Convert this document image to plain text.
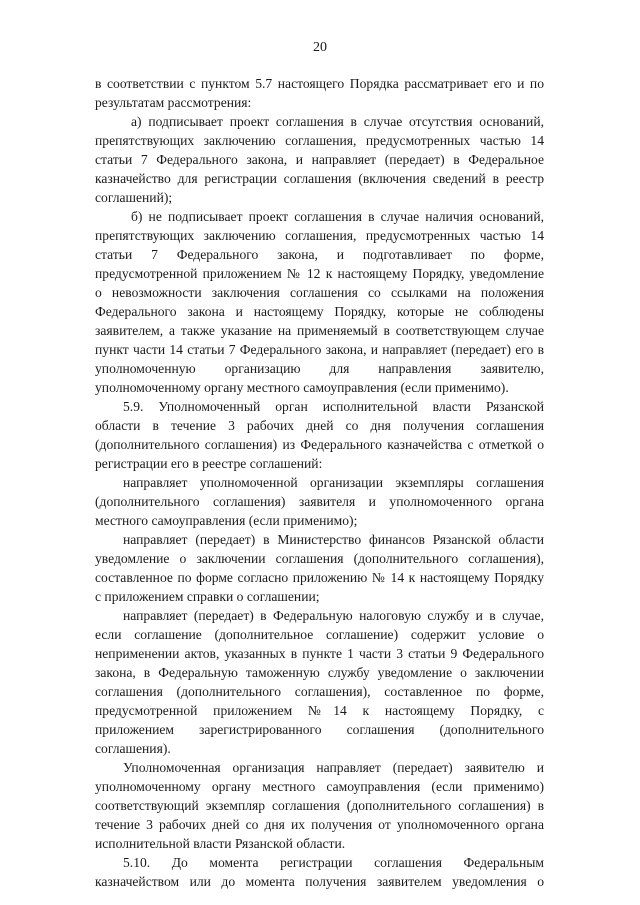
20
в соответствии с пунктом 5.7 настоящего Порядка рассматривает его и по
результатам рассмотрения:
а) подписывает проект соглашения в случае отсутствия оснований,
препятствующих заключению соглашения, предусмотренных частью 14
статьи 7 Федерального закона, и направляет (передает) в Федеральное
казначейство для регистрации соглашения (включения сведений в реестр
соглашений);
б) не подписывает проект соглашения в случае наличия оснований,
препятствующих заключению соглашения, предусмотренных частью 14
статьи 7 Федерального закона, и подготавливает по форме,
предусмотренной приложением № 12 к настоящему Порядку, уведомление
о невозможности заключения соглашения со ссылками на положения
Федерального закона и настоящему Порядку, которые не соблюдены
заявителем, а также указание на применяемый в соответствующем случае
пункт части 14 статьи 7 Федерального закона, и направляет (передает) его в
уполномоченную организацию для направления заявителю,
уполномоченному органу местного самоуправления (если применимо).
5.9. Уполномоченный орган исполнительной власти Рязанской
области в течение 3 рабочих дней со дня получения соглашения
(дополнительного соглашения) из Федерального казначейства с отметкой о
регистрации его в реестре соглашений:
направляет уполномоченной организации экземпляры соглашения
(дополнительного соглашения) заявителя и уполномоченного органа
местного самоуправления (если применимо);
направляет (передает) в Министерство финансов Рязанской области
уведомление о заключении соглашения (дополнительного соглашения),
составленное по форме согласно приложению № 14 к настоящему Порядку
с приложением справки о соглашении;
направляет (передает) в Федеральную налоговую службу и в случае,
если соглашение (дополнительное соглашение) содержит условие о
неприменении актов, указанных в пункте 1 части 3 статьи 9 Федерального
закона, в Федеральную таможенную службу уведомление о заключении
соглашения (дополнительного соглашения), составленное по форме,
предусмотренной приложением №14 к настоящему Порядку, с
приложением зарегистрированного соглашения (дополнительного
соглашения).
Уполномоченная организация направляет (передает) заявителю и
уполномоченному органу местного самоуправления (если применимо)
соответствующий экземпляр соглашения (дополнительного соглашения) в
течение 3 рабочих дней со дня их получения от уполномоченного органа
исполнительной власти Рязанской области.
5.10. До момента регистрации соглашения Федеральным
казначейством или до момента получения заявителем уведомления о
